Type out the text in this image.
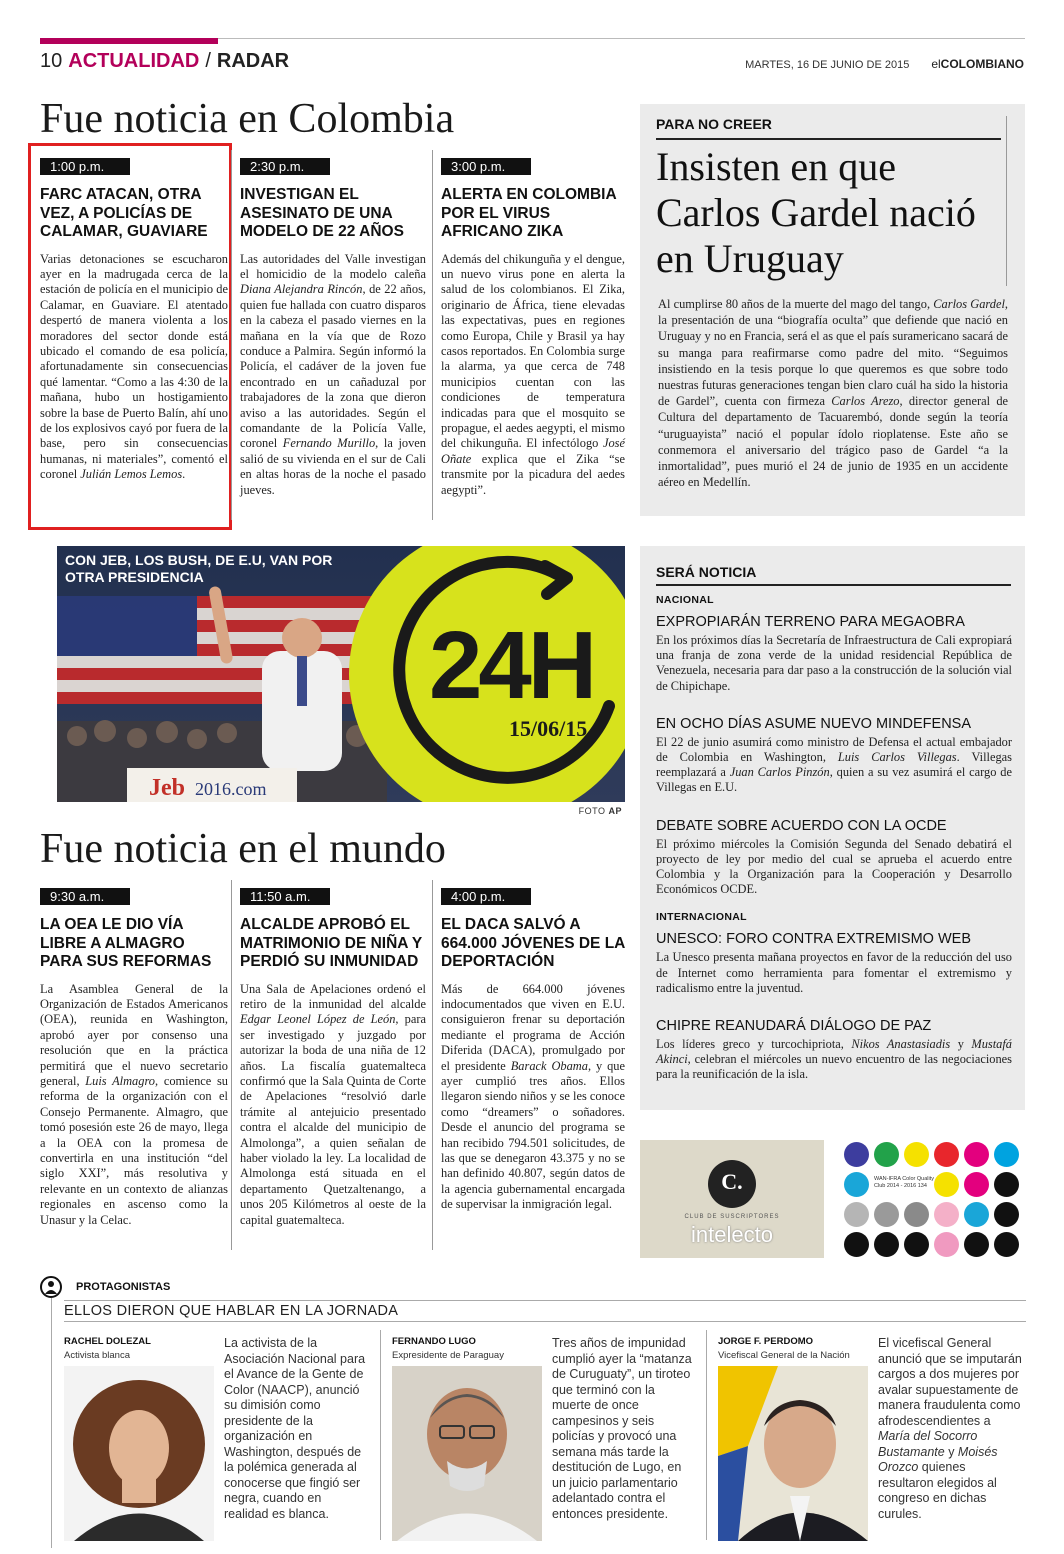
10 ACTUALIDAD / RADAR	MARTES, 16 DE JUNIO DE 2015 el COLOMBIANO
Fue noticia en Colombia
1:00 p.m.
FARC ATACAN, OTRA VEZ, A POLICÍAS DE CALAMAR, GUAVIARE

Varias detonaciones se escucharon ayer en la madrugada cerca de la estación de policía en el municipio de Calamar, en Guaviare. El atentado despertó de manera violenta a los moradores del sector donde está ubicado el comando de esa policía, afortunadamente sin consecuencias qué lamentar. “Como a las 4:30 de la mañana, hubo un hostigamiento sobre la base de Puerto Balín, ahí uno de los explosivos cayó por fuera de la base, pero sin consecuencias humanas, ni materiales”, comentó el coronel Julián Lemos Lemos.

2:30 p.m.
INVESTIGAN EL ASESINATO DE UNA MODELO DE 22 AÑOS

Las autoridades del Valle investigan el homicidio de la modelo caleña Diana Alejandra Rincón, de 22 años, quien fue hallada con cuatro disparos en la cabeza el pasado viernes en la mañana en la vía que de Rozo conduce a Palmira. Según informó la Policía, el cadáver de la joven fue encontrado en un cañaduzal por trabajadores de la zona que dieron aviso a las autoridades. Según el comandante de la Policía Valle, coronel Fernando Murillo, la joven salió de su vivienda en el sur de Cali en altas horas de la noche el pasado jueves.

3:00 p.m.
ALERTA EN COLOMBIA POR EL VIRUS AFRICANO ZIKA

Además del chikunguña y el dengue, un nuevo virus pone en alerta la salud de los colombianos. El Zika, originario de África, tiene elevadas las expectativas, pues en regiones como Europa, Chile y Brasil ya hay casos reportados. En Colombia surge la alarma, ya que cerca de 748 municipios cuentan con las condiciones de temperatura indicadas para que el mosquito se propague, el aedes aegypti, el mismo del chikunguña. El infectólogo José Oñate explica que el Zika “se transmite por la picadura del aedes aegypti”.

PARA NO CREER
Insisten en que Carlos Gardel nació en Uruguay

Al cumplirse 80 años de la muerte del mago del tango, Carlos Gardel, la presentación de una “biografía oculta” que defiende que nació en Uruguay y no en Francia, será el as que el país suramericano sacará de su manga para reafirmarse como padre del mito. “Seguimos insistiendo en la tesis porque lo que queremos es que sobre todo nuestras futuras generaciones tengan bien claro cuál ha sido la historia de Gardel”, cuenta con firmeza Carlos Arezo, director general de Cultura del departamento de Tacuarembó, donde según la teoría “uruguayista” nació el popular ídolo rioplatense. Este año se conmemora el aniversario del trágico paso de Gardel “a la inmortalidad”, pues murió el 24 de junio de 1935 en un accidente aéreo en Medellín.

Jeb 2016.com
CON JEB, LOS BUSH, DE E.U, VAN POR OTRA PRESIDENCIA
24H
15/06/15
FOTO AP
Fue noticia en el mundo
9:30 a.m.
LA OEA LE DIO VÍA LIBRE A ALMAGRO PARA SUS REFORMAS

La Asamblea General de la Organización de Estados Americanos (OEA), reunida en Washington, aprobó ayer por consenso una resolución que en la práctica permitirá que el nuevo secretario general, Luis Almagro, comience su reforma de la organización con el Consejo Permanente. Almagro, que tomó posesión este 26 de mayo, llega a la OEA con la promesa de convertirla en una institución “del siglo XXI”, más resolutiva y relevante en un contexto de alianzas regionales en ascenso como la Unasur y la Celac.

11:50 a.m.
ALCALDE APROBÓ EL MATRIMONIO DE NIÑA Y PERDIÓ SU INMUNIDAD

Una Sala de Apelaciones ordenó el retiro de la inmunidad del alcalde Edgar Leonel López de León, para ser investigado y juzgado por autorizar la boda de una niña de 12 años. La fiscalía guatemalteca confirmó que la Sala Quinta de Corte de Apelaciones “resolvió darle trámite al antejuicio presentado contra el alcalde del municipio de Almolonga”, a quien señalan de haber violado la ley. La localidad de Almolonga está situada en el departamento Quetzaltenango, a unos 205 Kilómetros al oeste de la capital guatemalteca.

4:00 p.m.
EL DACA SALVÓ A 664.000 JÓVENES DE LA DEPORTACIÓN

Más de 664.000 jóvenes indocumentados que viven en E.U. consiguieron frenar su deportación mediante el programa de Acción Diferida (DACA), promulgado por el presidente Barack Obama, y que ayer cumplió tres años. Ellos llegaron siendo niños y se les conoce como “dreamers” o soñadores. Desde el anuncio del programa se han recibido 794.501 solicitudes, de las que se denegaron 43.375 y no se han definido 40.807, según datos de la agencia gubernamental encargada de supervisar la inmigración legal.

SERÁ NOTICIA
NACIONAL
EXPROPIARÁN TERRENO PARA MEGAOBRA

En los próximos días la Secretaría de Infraestructura de Cali expropiará una franja de zona verde de la unidad residencial República de Venezuela, necesaria para dar paso a la construcción de la solución vial de Chipichape.

EN OCHO DÍAS ASUME NUEVO MINDEFENSA

El 22 de junio asumirá como ministro de Defensa el actual embajador de Colombia en Washington, Luis Carlos Villegas. Villegas reemplazará a Juan Carlos Pinzón, quien a su vez asumirá el cargo de Villegas en E.U.

DEBATE SOBRE ACUERDO CON LA OCDE

El próximo miércoles la Comisión Segunda del Senado debatirá el proyecto de ley por medio del cual se aprueba el acuerdo entre Colombia y la Organización para la Cooperación y Desarrollo Económicos OCDE.

INTERNACIONAL
UNESCO: FORO CONTRA EXTREMISMO WEB

La Unesco presenta mañana proyectos en favor de la reducción del uso de Internet como herramienta para fomentar el extremismo y radicalismo entre la juventud.

CHIPRE REANUDARÁ DIÁLOGO DE PAZ

Los líderes greco y turcochipriota, Nikos Anastasiadis y Mustafá Akinci, celebran el miércoles un nuevo encuentro de las negociaciones para la reunificación de la isla.

C.
CLUB DE SUSCRIPTORES
intelecto
WAN-IFRA Color Quality Club 2014 - 2016 134
PROTAGONISTAS
ELLOS DIERON QUE HABLAR EN LA JORNADA
RACHEL DOLEZAL
Activista blanca
La activista de la Asociación Nacional para el Avance de la Gente de Color (NAACP), anunció su dimisión como presidente de la organización en Washington, después de la polémica generada al conocerse que fingió ser negra, cuando en realidad es blanca.
FERNANDO LUGO
Expresidente de Paraguay
Tres años de impunidad cumplió ayer la “matanza de Curuguaty”, un tiroteo que terminó con la muerte de once campesinos y seis policías y provocó una semana más tarde la destitución de Lugo, en un juicio parlamentario adelantado contra el entonces presidente.
JORGE F. PERDOMO
Vicefiscal General de la Nación
El vicefiscal General anunció que se imputarán cargos a dos mujeres por avalar supuestamente de manera fraudulenta como afrodescendientes a María del Socorro Bustamante y Moisés Orozco quienes resultaron elegidos al congreso en dichas curules.
